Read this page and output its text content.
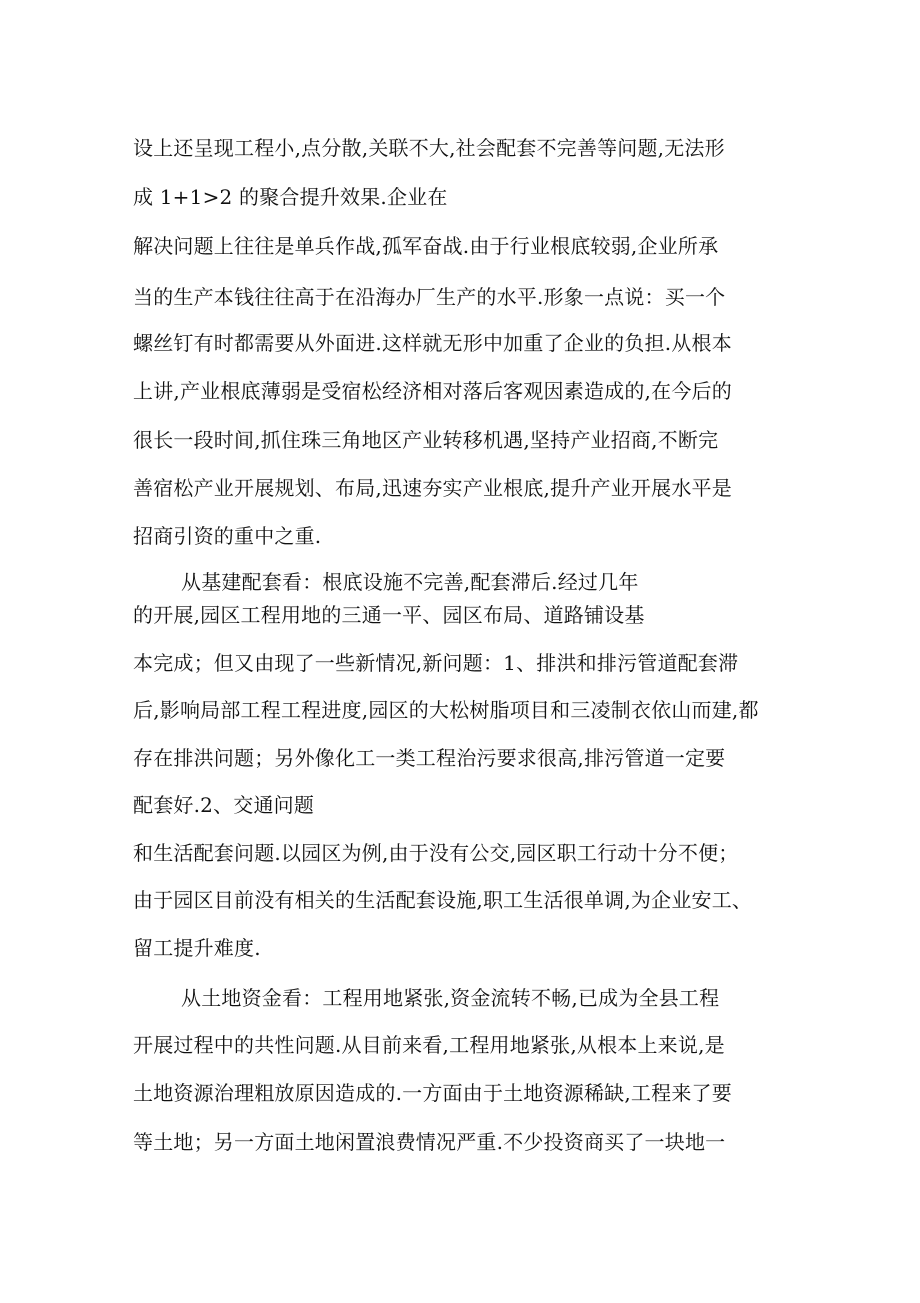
设上还呈现工程小,点分散,关联不大,社会配套不完善等问题,无法形
成 1+1>2 的聚合提升效果.企业在
解决问题上往往是单兵作战,孤军奋战.由于行业根底较弱,企业所承
当的生产本钱往往高于在沿海办厂生产的水平.形象一点说：买一个
螺丝钉有时都需要从外面进.这样就无形中加重了企业的负担.从根本
上讲,产业根底薄弱是受宿松经济相对落后客观因素造成的,在今后的
很长一段时间,抓住珠三角地区产业转移机遇,坚持产业招商,不断完
善宿松产业开展规划、布局,迅速夯实产业根底,提升产业开展水平是
招商引资的重中之重.
从基建配套看：根底设施不完善,配套滞后.经过几年
的开展,园区工程用地的三通一平、园区布局、道路铺设基
本完成；但又由现了一些新情况,新问题：1、排洪和排污管道配套滞
后,影响局部工程工程进度,园区的大松树脂项目和三凌制衣依山而建,都
存在排洪问题；另外像化工一类工程治污要求很高,排污管道一定要
配套好.2、交通问题
和生活配套问题.以园区为例,由于没有公交,园区职工行动十分不便；
由于园区目前没有相关的生活配套设施,职工生活很单调,为企业安工、
留工提升难度.
从土地资金看：工程用地紧张,资金流转不畅,已成为全县工程
开展过程中的共性问题.从目前来看,工程用地紧张,从根本上来说,是
土地资源治理粗放原因造成的.一方面由于土地资源稀缺,工程来了要
等土地；另一方面土地闲置浪费情况严重.不少投资商买了一块地一
